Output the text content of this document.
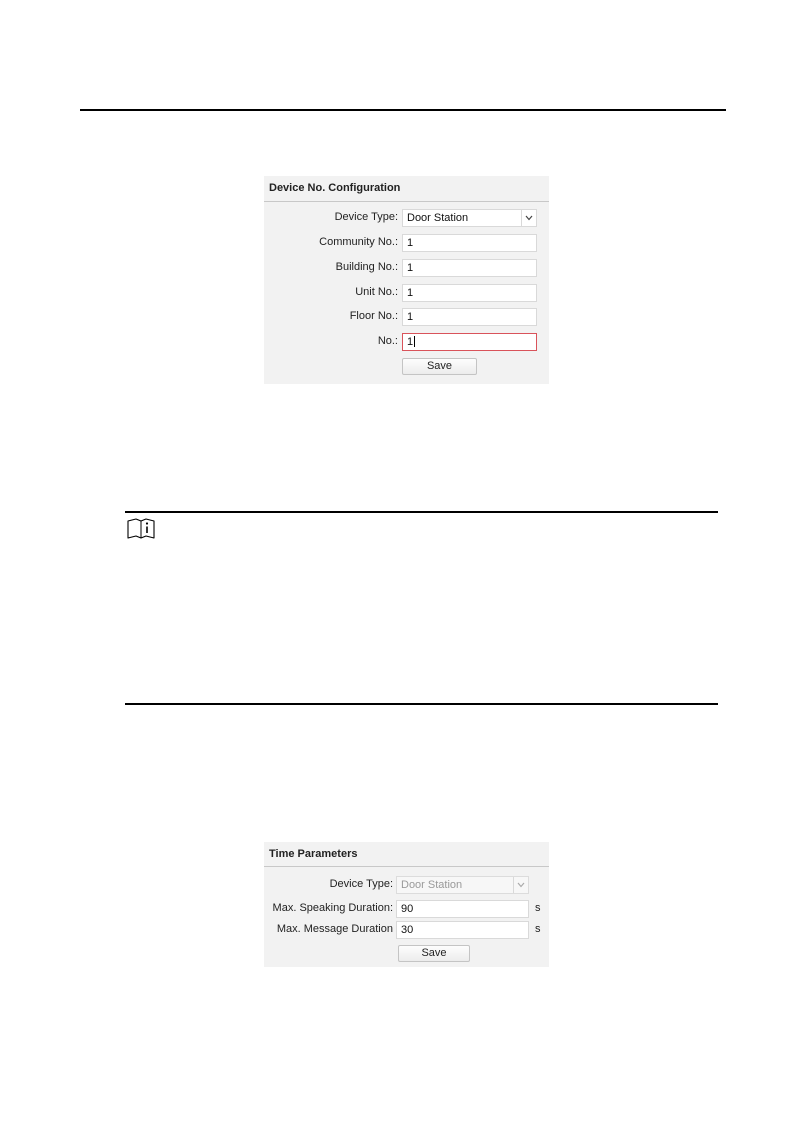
Device No. Configuration
Device Type: Door Station
Community No.: 1
Building No.: 1
Unit No.: 1
Floor No.: 1
No.: 1
Save
Time Parameters
Device Type: Door Station
Max. Speaking Duration: 90	s
Max. Message Duration 30	s
Save
